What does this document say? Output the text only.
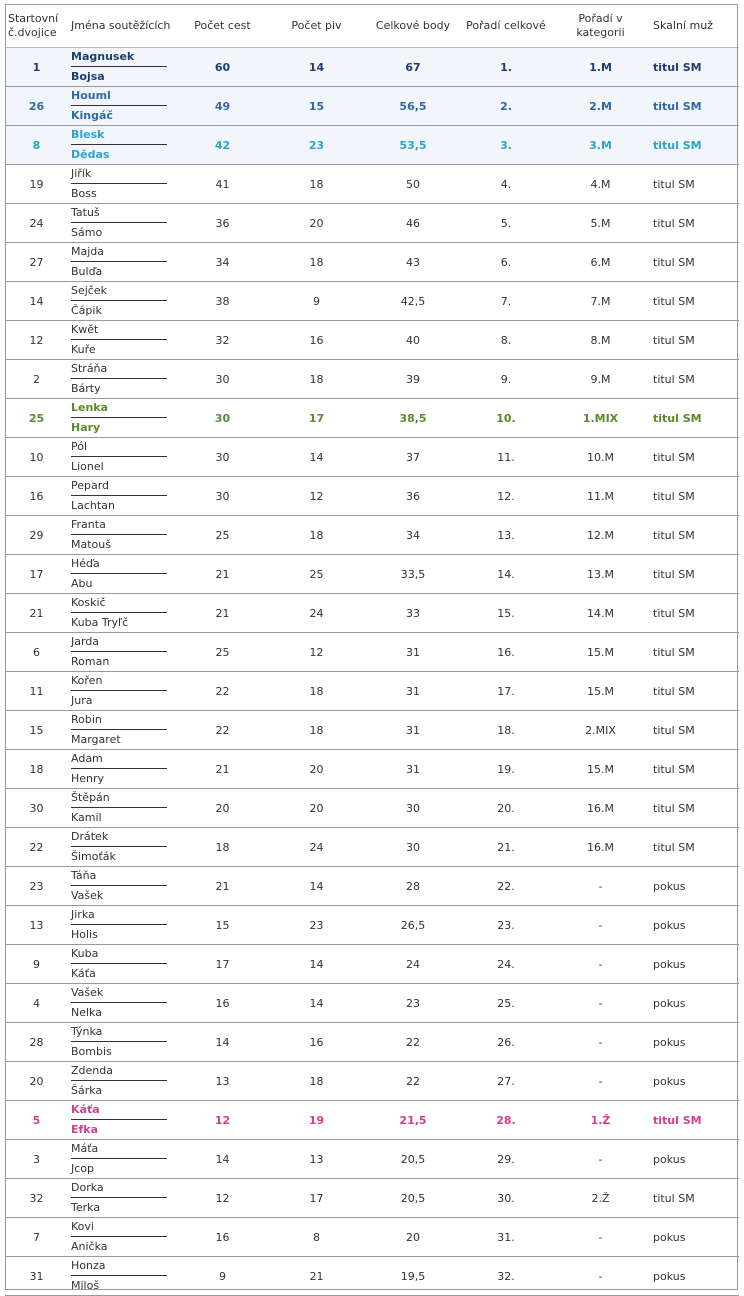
Startovní č.dvojice	Jména soutěžících	Počet cest	Počet piv	Celkové body	Pořadí celkové	Pořadí v kategorii	Skalní muž
1	Magnusek
Bojsa	60	14	67	1.	1.M	titul SM
26	Houml
Kingáč	49	15	56,5	2.	2.M	titul SM
8	Blesk
Dědas	42	23	53,5	3.	3.M	titul SM
19	Jiřík
Boss	41	18	50	4.	4.M	titul SM
24	Tatuš
Sámo	36	20	46	5.	5.M	titul SM
27	Majda
Bulďa	34	18	43	6.	6.M	titul SM
14	Sejček
Čápik	38	9	42,5	7.	7.M	titul SM
12	Kwět
Kuře	32	16	40	8.	8.M	titul SM
2	Stráňa
Bárty	30	18	39	9.	9.M	titul SM
25	Lenka
Hary	30	17	38,5	10.	1.MIX	titul SM
10	Pól
Lionel	30	14	37	11.	10.M	titul SM
16	Pepard
Lachtan	30	12	36	12.	11.M	titul SM
29	Franta
Matouš	25	18	34	13.	12.M	titul SM
17	Héďa
Abu	21	25	33,5	14.	13.M	titul SM
21	Koskič
Kuba Tryľč	21	24	33	15.	14.M	titul SM
6	Jarda
Roman	25	12	31	16.	15.M	titul SM
11	Kořen
Jura	22	18	31	17.	15.M	titul SM
15	Robin
Margaret	22	18	31	18.	2.MIX	titul SM
18	Adam
Henry	21	20	31	19.	15.M	titul SM
30	Štěpán
Kamil	20	20	30	20.	16.M	titul SM
22	Drátek
Šimoťák	18	24	30	21.	16.M	titul SM
23	Táňa
Vašek	21	14	28	22.	-	pokus
13	Jirka
Holis	15	23	26,5	23.	-	pokus
9	Kuba
Káťa	17	14	24	24.	-	pokus
4	Vašek
Nelka	16	14	23	25.	-	pokus
28	Týnka
Bombis	14	16	22	26.	-	pokus
20	Zdenda
Šárka	13	18	22	27.	-	pokus
5	Káťa
Efka	12	19	21,5	28.	1.Ž	titul SM
3	Máťa
Jcop	14	13	20,5	29.	-	pokus
32	Dorka
Terka	12	17	20,5	30.	2.Ž	titul SM
7	Kovi
Anička	16	8	20	31.	-	pokus
31	Honza
Miloš	9	21	19,5	32.	-	pokus
